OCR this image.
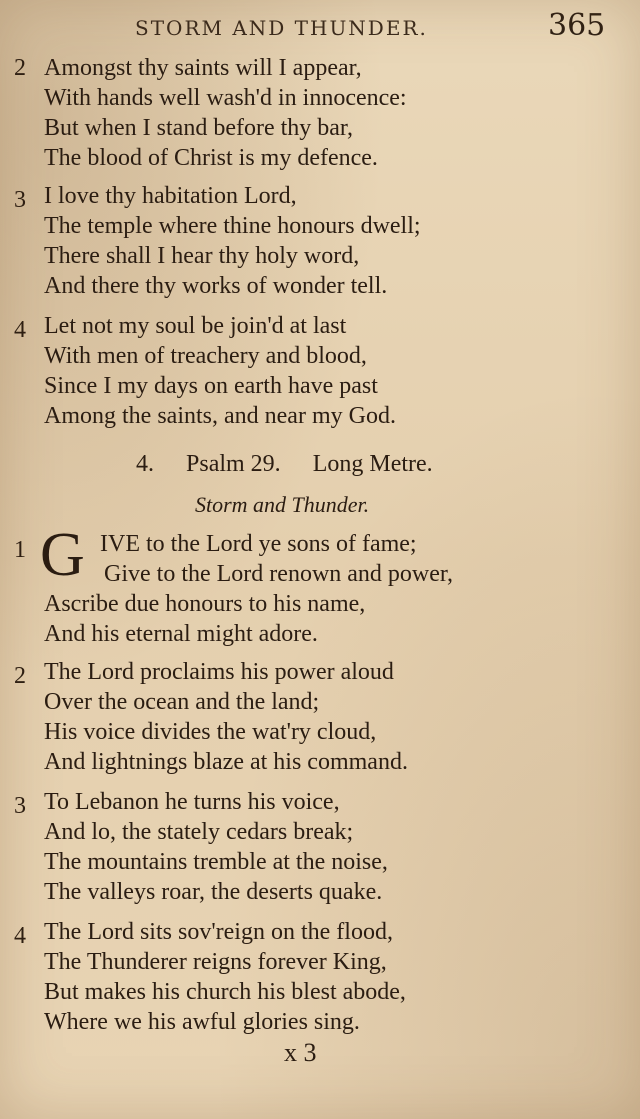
STORM AND THUNDER.	365
2 Amongst thy saints will I appear,
With hands well wash'd in innocence:
But when I stand before thy bar,
The blood of Christ is my defence.
3 I love thy habitation Lord,
The temple where thine honours dwell;
There shall I hear thy holy word,
And there thy works of wonder tell.
4 Let not my soul be join'd at last
With men of treachery and blood,
Since I my days on earth have past
Among the saints, and near my God.
4. Psalm 29. Long Metre.
Storm and Thunder.
1 G IVE to the Lord ye sons of fame;
Give to the Lord renown and power,
Ascribe due honours to his name,
And his eternal might adore.
2 The Lord proclaims his power aloud
Over the ocean and the land;
His voice divides the wat'ry cloud,
And lightnings blaze at his command.
3 To Lebanon he turns his voice,
And lo, the stately cedars break;
The mountains tremble at the noise,
The valleys roar, the deserts quake.
4 The Lord sits sov'reign on the flood,
The Thunderer reigns forever King,
But makes his church his blest abode,
Where we his awful glories sing.
x 3
